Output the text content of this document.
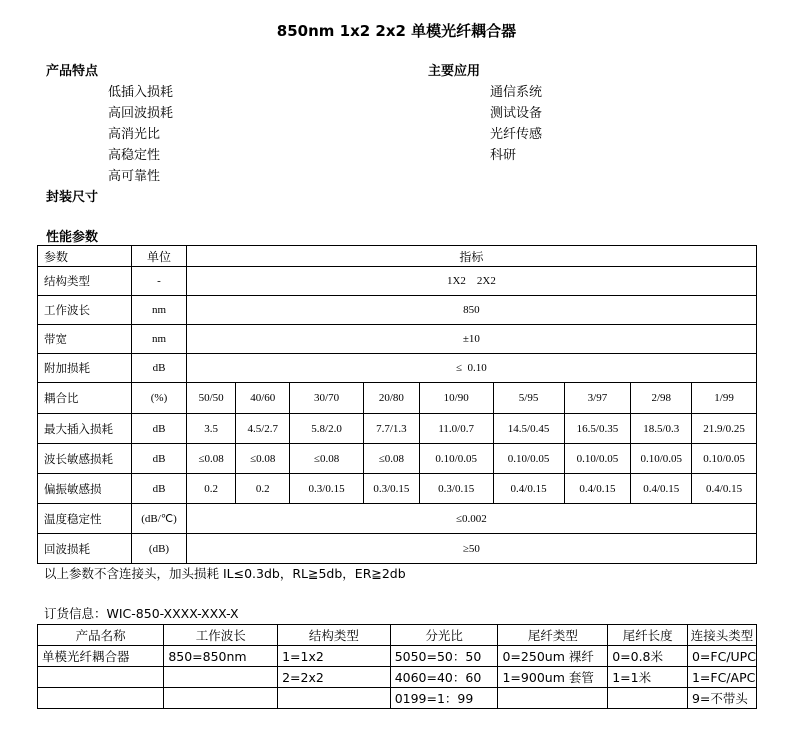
850nm 1x2 2x2 单模光纤耦合器
产品特点
低插入损耗
高回波损耗
高消光比
高稳定性
高可靠性
主要应用
通信系统
测试设备
光纤传感
科研
封装尺寸
性能参数
参数	单位	指标								
结构类型	-	1X2    2X2								
工作波长	nm	850								
带宽	nm	±10								
附加损耗	dB	≤  0.10								
耦合比	(%)	50/50	40/60	30/70	20/80	10/90	5/95	3/97	2/98	1/99
最大插入损耗	dB	3.5	4.5/2.7	5.8/2.0	7.7/1.3	11.0/0.7	14.5/0.45	16.5/0.35	18.5/0.3	21.9/0.25
波长敏感损耗	dB	≤0.08	≤0.08	≤0.08	≤0.08	0.10/0.05	0.10/0.05	0.10/0.05	0.10/0.05	0.10/0.05
偏振敏感损	dB	0.2	0.2	0.3/0.15	0.3/0.15	0.3/0.15	0.4/0.15	0.4/0.15	0.4/0.15	0.4/0.15
温度稳定性	(dB/℃)	≤0.002								
回波损耗	(dB)	≥50								
以上参数不含连接头，加头损耗 IL≤0.3db，RL≧5db，ER≧2db
订货信息：WIC-850-XXXX-XXX-X
产品名称	工作波长	结构类型	分光比	尾纤类型	尾纤长度	连接头类型
单模光纤耦合器	850=850nm	1=1x2	5050=50：50	0=250um 裸纤	0=0.8米	0=FC/UPC
		2=2x2	4060=40：60	1=900um 套管	1=1米	1=FC/APC
			0199=1：99			9=不带头
